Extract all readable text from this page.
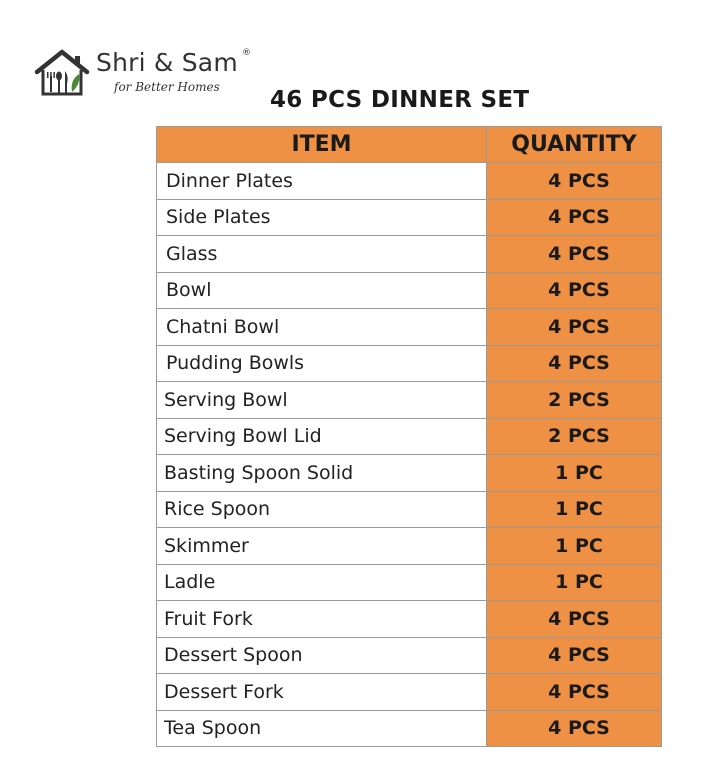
Shri & Sam ®
for Better Homes 46 PCS DINNER SET
ITEM	QUANTITY
Dinner Plates	4 PCS
Side Plates	4 PCS
Glass	4 PCS
Bowl	4 PCS
Chatni Bowl	4 PCS
Pudding Bowls	4 PCS
Serving Bowl	2 PCS
Serving Bowl Lid	2 PCS
Basting Spoon Solid	1 PC
Rice Spoon	1 PC
Skimmer	1 PC
Ladle	1 PC
Fruit Fork	4 PCS
Dessert Spoon	4 PCS
Dessert Fork	4 PCS
Tea Spoon	4 PCS
